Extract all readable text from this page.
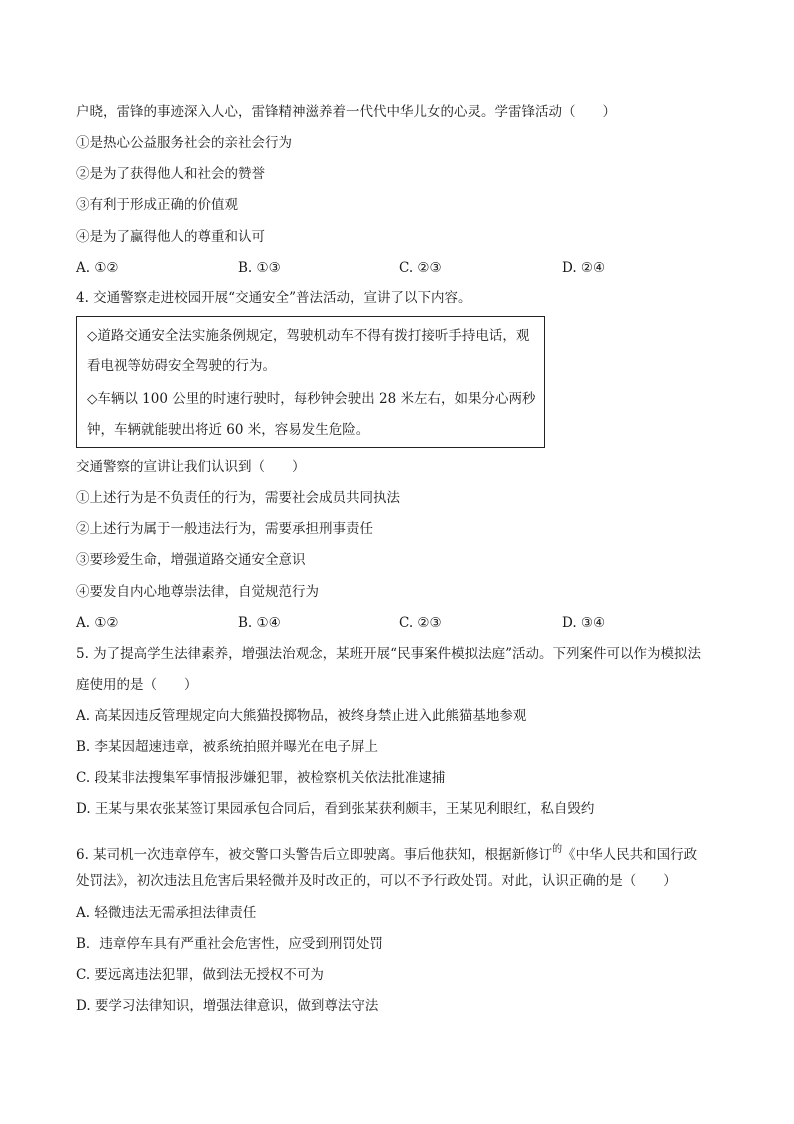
户晓，雷锋的事迹深入人心，雷锋精神滋养着一代代中华儿女的心灵。学雷锋活动（　　）
①是热心公益服务社会的亲社会行为
②是为了获得他人和社会的赞誉
③有利于形成正确的价值观
④是为了赢得他人的尊重和认可
A. ①②	B. ①③	C. ②③	D. ②④
4. 交通警察走进校园开展“交通安全”普法活动，宣讲了以下内容。
◇道路交通安全法实施条例规定，驾驶机动车不得有拨打接听手持电话，观
看电视等妨碍安全驾驶的行为。
◇车辆以 100 公里的时速行驶时，每秒钟会驶出 28 米左右，如果分心两秒
钟，车辆就能驶出将近 60 米，容易发生危险。
交通警察的宣讲让我们认识到（　　）
①上述行为是不负责任的行为，需要社会成员共同执法
②上述行为属于一般违法行为，需要承担刑事责任
③要珍爱生命，增强道路交通安全意识
④要发自内心地尊崇法律，自觉规范行为
A. ①②	B. ①④	C. ②③	D. ③④
5. 为了提高学生法律素养，增强法治观念，某班开展“民事案件模拟法庭”活动。下列案件可以作为模拟法
庭使用的是（　　）
A. 高某因违反管理规定向大熊猫投掷物品，被终身禁止进入此熊猫基地参观
B. 李某因超速违章，被系统拍照并曝光在电子屏上
C. 段某非法搜集军事情报涉嫌犯罪，被检察机关依法批准逮捕
D. 王某与果农张某签订果园承包合同后，看到张某获利颇丰，王某见利眼红，私自毁约
6. 某司机一次违章停车，被交警口头警告后立即驶离。事后他获知，根据新修订$^的$《中华人民共和国行政
处罚法》，初次违法且危害后果轻微并及时改正的，可以不予行政处罚。对此，认识正确的是（　　）
A. 轻微违法无需承担法律责任
B．违章停车具有严重社会危害性，应受到刑罚处罚
C. 要远离违法犯罪，做到法无授权不可为
D. 要学习法律知识，增强法律意识，做到尊法守法
